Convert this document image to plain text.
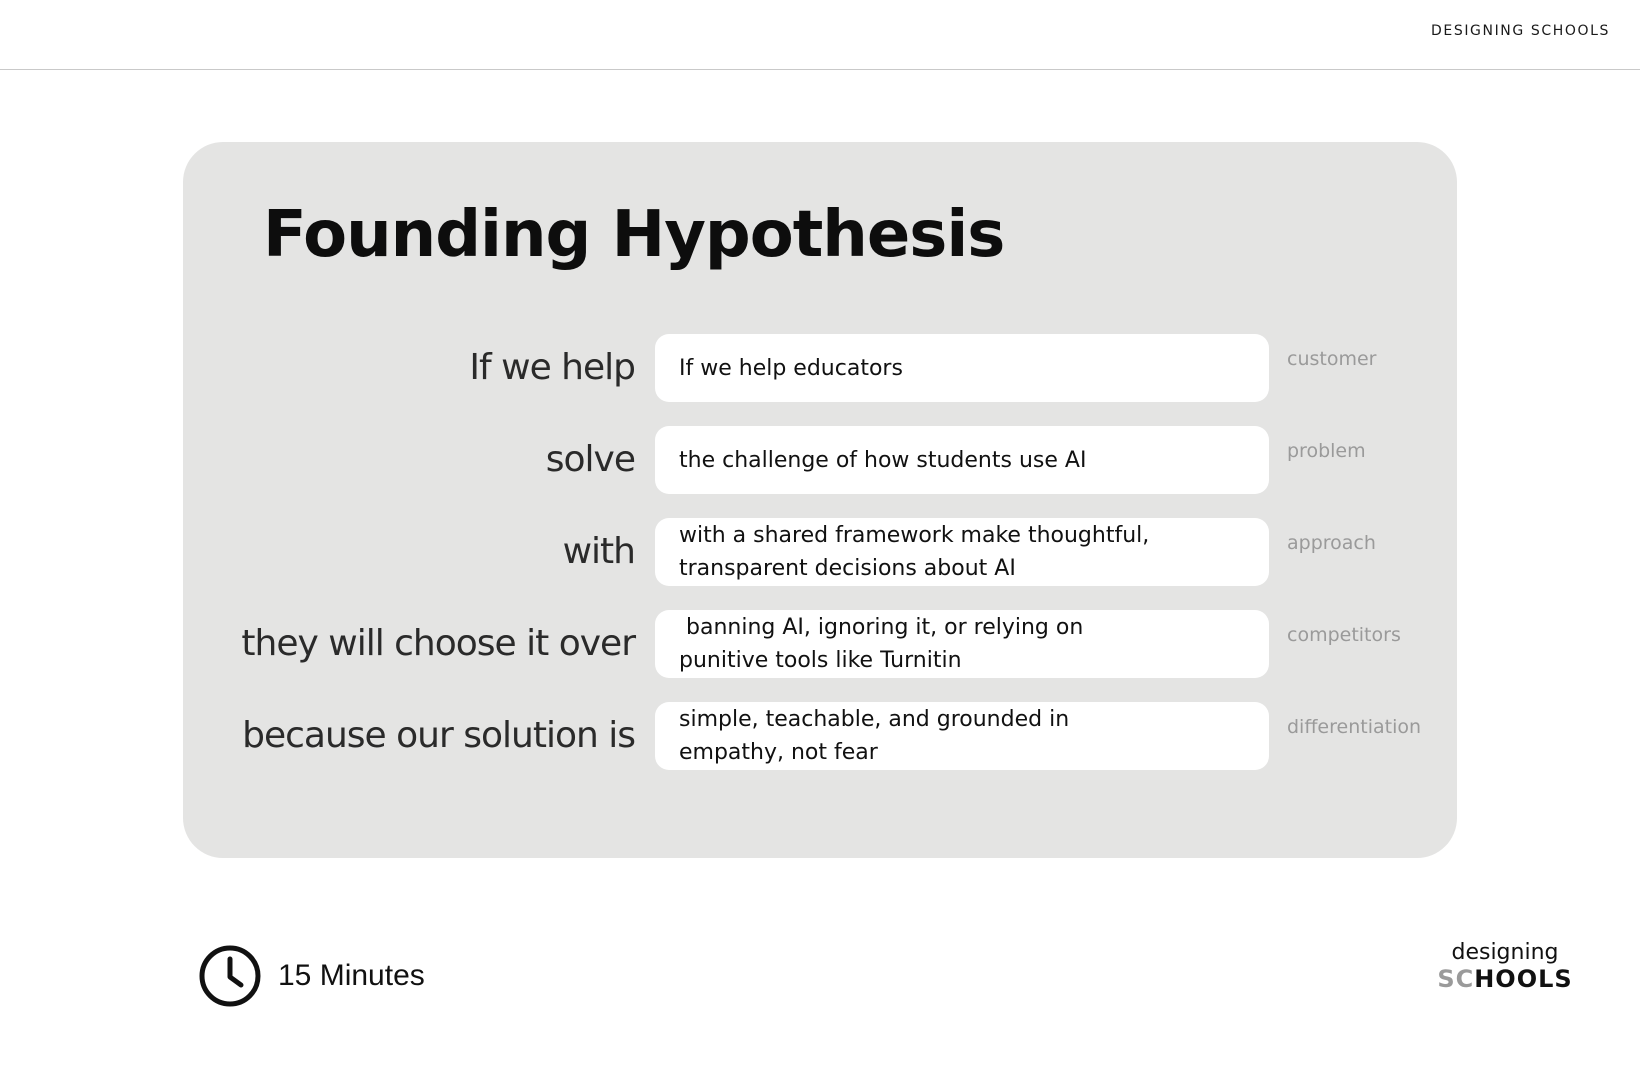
DESIGNING SCHOOLS
Founding Hypothesis
If we help If we help educators	customer
solve the challenge of how students use AI	problem
with with a shared framework make thoughtful,
transparent decisions about AI
approach
they will choose it over banning AI, ignoring it, or relying on
punitive tools like Turnitin
competitors
because our solution is simple, teachable, and grounded in
empathy, not fear
differentiation
15 Minutes
designing
SCHOOLS
